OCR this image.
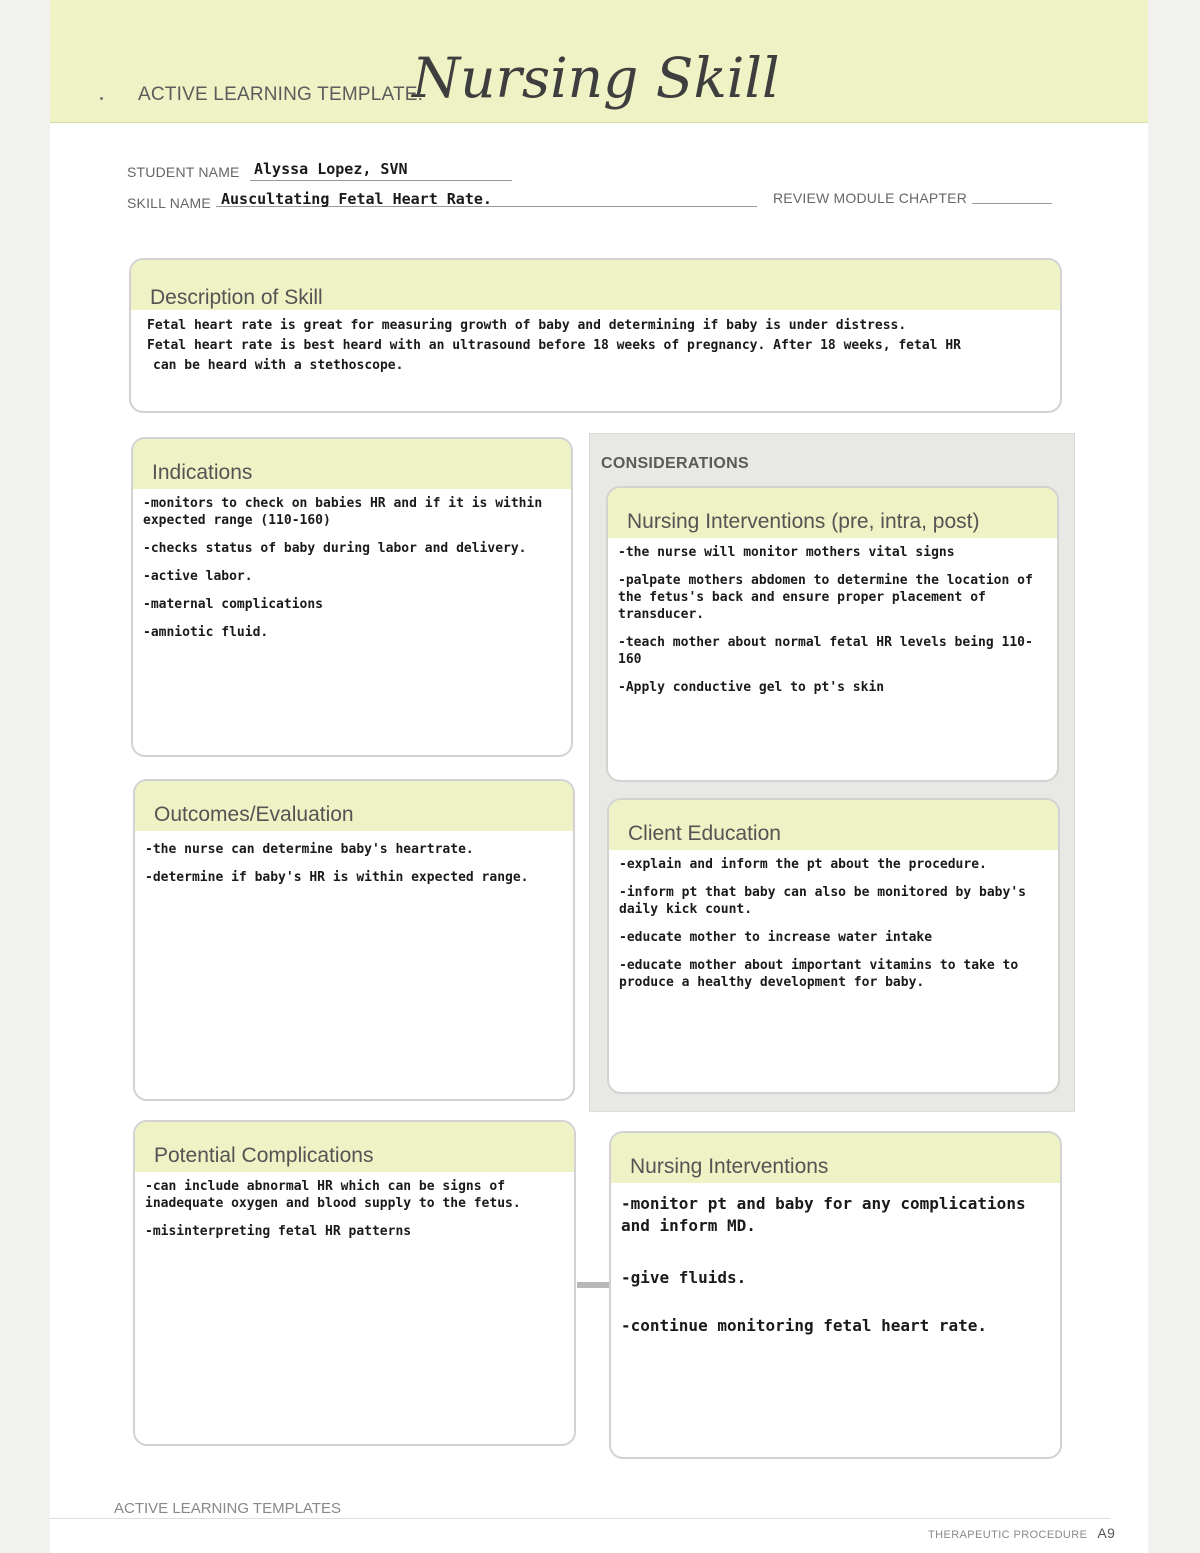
ACTIVE LEARNING TEMPLATE:
Nursing Skill
STUDENT NAME Alyssa Lopez, SVN
SKILL NAME Auscultating Fetal Heart Rate.	REVIEW MODULE CHAPTER
Description of Skill

Fetal heart rate is great for measuring growth of baby and determining if baby is under distress.

Fetal heart rate is best heard with an ultrasound before 18 weeks of pregnancy. After 18 weeks, fetal HR

can be heard with a stethoscope.

CONSIDERATIONS
Indications

-monitors to check on babies HR and if it is within expected range (110-160)

-checks status of baby during labor and delivery.

-active labor.

-maternal complications

-amniotic fluid.

Nursing Interventions (pre, intra, post)

-the nurse will monitor mothers vital signs

-palpate mothers abdomen to determine the location of the fetus's back and ensure proper placement of transducer.

-teach mother about normal fetal HR levels being 110-160

-Apply conductive gel to pt's skin

Outcomes/Evaluation

-the nurse can determine baby's heartrate.

-determine if baby's HR is within expected range.

Client Education

-explain and inform the pt about the procedure.

-inform pt that baby can also be monitored by baby's daily kick count.

-educate mother to increase water intake

-educate mother about important vitamins to take to produce a healthy development for baby.

Potential Complications

-can include abnormal HR which can be signs of inadequate oxygen and blood supply to the fetus.

-misinterpreting fetal HR patterns

Nursing Interventions

-monitor pt and baby for any complications and inform MD.

-give fluids.

-continue monitoring fetal heart rate.

ACTIVE LEARNING TEMPLATES
THERAPEUTIC PROCEDURE A9
